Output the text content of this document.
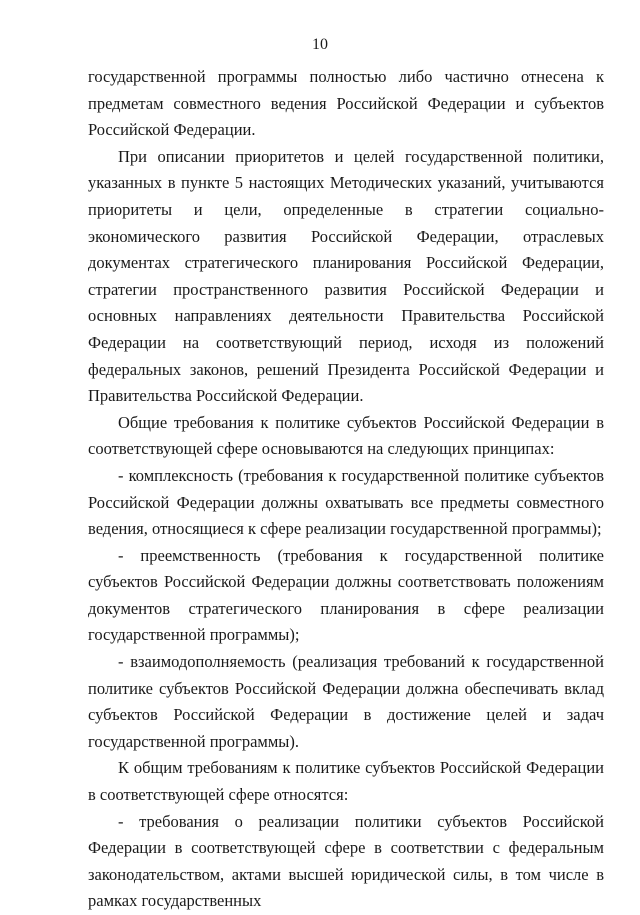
10

государственной программы полностью либо частично отнесена к предметам совместного ведения Российской Федерации и субъектов Российской Федерации.

При описании приоритетов и целей государственной политики, указанных в пункте 5 настоящих Методических указаний, учитываются приоритеты и цели, определенные в стратегии социально-экономического развития Российской Федерации, отраслевых документах стратегического планирования Российской Федерации, стратегии пространственного развития Российской Федерации и основных направлениях деятельности Правительства Российской Федерации на соответствующий период, исходя из положений федеральных законов, решений Президента Российской Федерации и Правительства Российской Федерации.

Общие требования к политике субъектов Российской Федерации в соответствующей сфере основываются на следующих принципах:

- комплексность (требования к государственной политике субъектов Российской Федерации должны охватывать все предметы совместного ведения, относящиеся к сфере реализации государственной программы);

- преемственность (требования к государственной политике субъектов Российской Федерации должны соответствовать положениям документов стратегического планирования в сфере реализации государственной программы);

- взаимодополняемость (реализация требований к государственной политике субъектов Российской Федерации должна обеспечивать вклад субъектов Российской Федерации в достижение целей и задач государственной программы).

К общим требованиям к политике субъектов Российской Федерации в соответствующей сфере относятся:

- требования о реализации политики субъектов Российской Федерации в соответствующей сфере в соответствии с федеральным законодательством, актами высшей юридической силы, в том числе в рамках государственных
